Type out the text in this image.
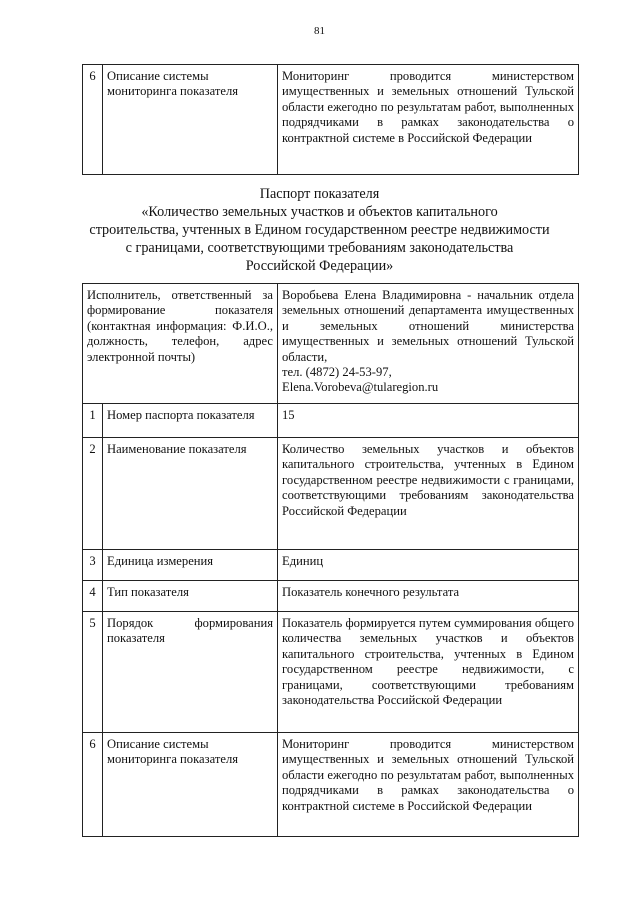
81
6	Описание системы мониторинга показателя	Мониторинг проводится министерством имущественных и земельных отношений Тульской области ежегодно по результатам работ, выполненных подрядчиками в рамках законодательства о контрактной системе в Российской Федерации
Паспорт показателя
«Количество земельных участков и объектов капитального
строительства, учтенных в Едином государственном реестре недвижимости
с границами, соответствующими требованиям законодательства
Российской Федерации»
Исполнитель, ответственный за формирование показателя (контактная информация: Ф.И.О., должность, телефон, адрес электронной почты)		Воробьева Елена Владимировна - начальник отдела земельных отношений департамента имущественных и земельных отношений министерства имущественных и земельных отношений Тульской области,
тел. (4872) 24-53-97,
Elena.Vorobeva@tularegion.ru
1	Номер паспорта показателя	15
2	Наименование показателя	Количество земельных участков и объектов капитального строительства, учтенных в Едином государственном реестре недвижимости с границами, соответствующими требованиям законодательства Российской Федерации
3	Единица измерения	Единиц
4	Тип показателя	Показатель конечного результата
5	Порядок формирования показателя	Показатель формируется путем суммирования общего количества земельных участков и объектов капитального строительства, учтенных в Едином государственном реестре недвижимости, с границами, соответствующими требованиям законодательства Российской Федерации
6	Описание системы мониторинга показателя	Мониторинг проводится министерством имущественных и земельных отношений Тульской области ежегодно по результатам работ, выполненных подрядчиками в рамках законодательства о контрактной системе в Российской Федерации
